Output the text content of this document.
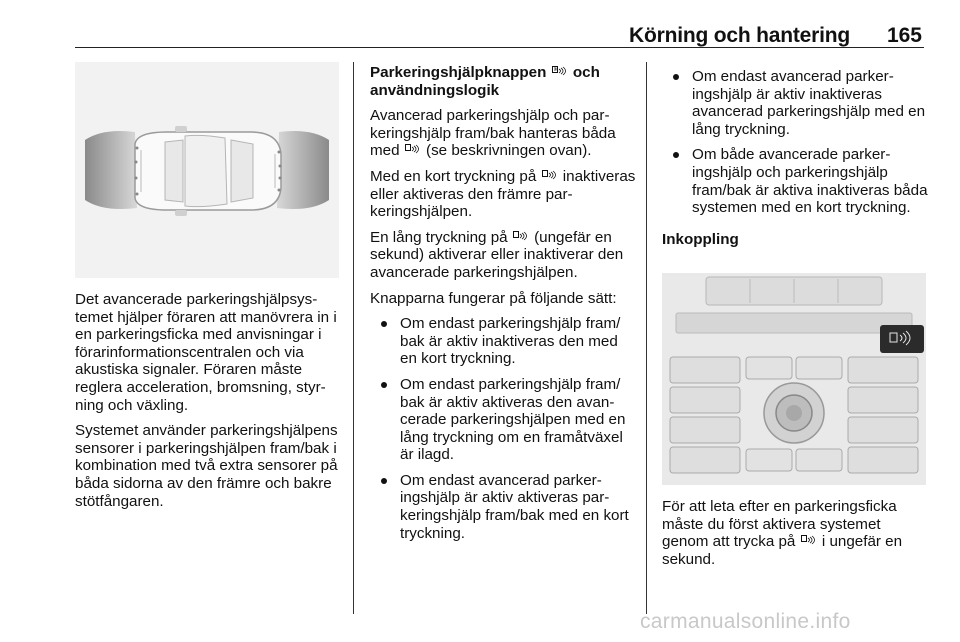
Körning och hantering 165

Det avancerade parkeringshjälpsystemet hjälper föraren att manövrera in i en parkeringsficka med anvisningar i förarinformationscentralen och via akustiska signaler. Föraren måste reglera acceleration, bromsning, styrning och växling.

Systemet använder parkeringshjälpens sensorer i parkeringshjälpen fram/bak i kombination med två extra sensorer på båda sidorna av den främre och bakre stötfångaren.

Parkeringshjälpknappen och användningslogik

Avancerad parkeringshjälp och parkeringshjälp fram/bak hanteras båda med (se beskrivningen ovan).

Med en kort tryckning på inaktiveras eller aktiveras den främre parkeringshjälpen.

En lång tryckning på (ungefär en sekund) aktiverar eller inaktiverar den avancerade parkeringshjälpen.

Knapparna fungerar på följande sätt:

Om endast parkeringshjälp fram/ bak är aktiv inaktiveras den med en kort tryckning.
Om endast parkeringshjälp fram/ bak är aktiv aktiveras den avancerade parkeringshjälpen med en lång tryckning om en framåtväxel är ilagd.
Om endast avancerad parkeringshjälp är aktiv aktiveras parkeringshjälp fram/bak med en kort tryckning.
Om endast avancerad parkeringshjälp är aktiv inaktiveras avancerad parkeringshjälp med en lång tryckning.
Om både avancerade parkeringshjälp och parkeringshjälp fram/bak är aktiva inaktiveras båda systemen med en kort tryckning.

Inkoppling

För att leta efter en parkeringsficka måste du först aktivera systemet genom att trycka på i ungefär en sekund.

carmanualsonline.info
